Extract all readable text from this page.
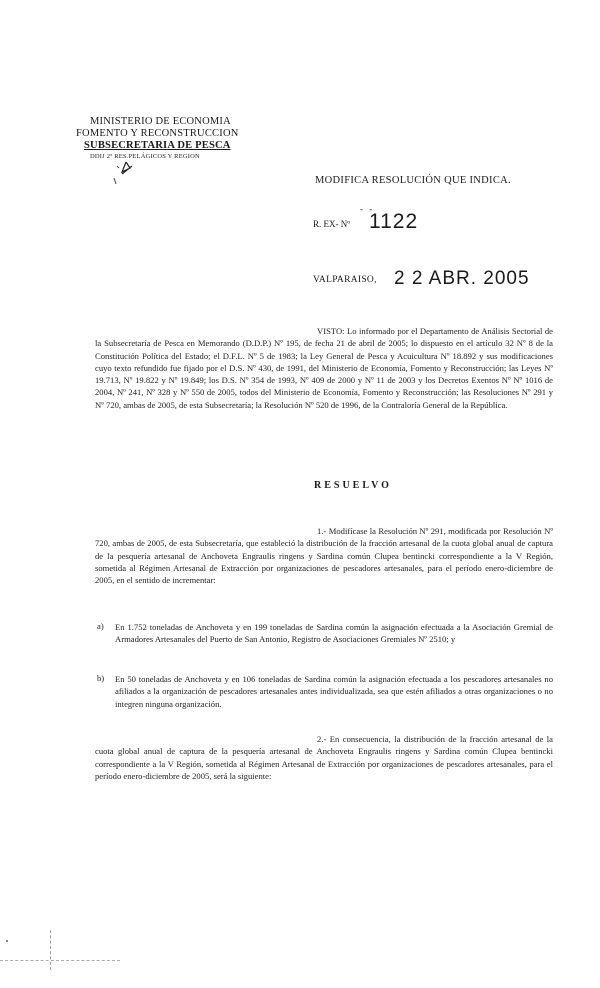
MINISTERIO DE ECONOMIA
FOMENTO Y RECONSTRUCCION
SUBSECRETARIA DE PESCA
DDIJ 2º RES.PELÁGICOS Y REGION
MODIFICA RESOLUCIÓN QUE INDICA.
R. EX- Nº 1122
- -
VALPARAISO, 2 2 ABR. 2005
VISTO: Lo informado por el Departamento de Análisis Sectorial de la Subsecretaría de Pesca en Memorando (D.D.P.) Nº 195, de fecha 21 de abril de 2005; lo dispuesto en el artículo 32 Nº 8 de la Constitución Política del Estado; el D.F.L. Nº 5 de 1983; la Ley General de Pesca y Acuicultura Nº 18.892 y sus modificaciones cuyo texto refundido fue fijado por el D.S. Nº 430, de 1991, del Ministerio de Economía, Fomento y Reconstrucción; las Leyes Nº 19.713, Nº 19.822 y Nº 19.849; los D.S. Nº 354 de 1993, Nº 409 de 2000 y Nº 11 de 2003 y los Decretos Exentos Nº Nº 1016 de 2004, Nº 241, Nº 328 y Nº 550 de 2005, todos del Ministerio de Economía, Fomento y Reconstrucción; las Resoluciones Nº 291 y Nº 720, ambas de 2005, de esta Subsecretaría; la Resolución Nº 520 de 1996, de la Contraloría General de la República.
RESUELVO
1.- Modifícase la Resolución Nº 291, modificada por Resolución Nº 720, ambas de 2005, de esta Subsecretaría, que estableció la distribución de la fracción artesanal de la cuota global anual de captura de la pesquería artesanal de Anchoveta Engraulis ringens y Sardina común Clupea bentincki correspondiente a la V Región, sometida al Régimen Artesanal de Extracción por organizaciones de pescadores artesanales, para el período enero-diciembre de 2005, en el sentido de incrementar:
a) En 1.752 toneladas de Anchoveta y en 199 toneladas de Sardina común la asignación efectuada a la Asociación Gremial de Armadores Artesanales del Puerto de San Antonio, Registro de Asociaciones Gremiales Nº 2510; y
b) En 50 toneladas de Anchoveta y en 106 toneladas de Sardina común la asignación efectuada a los pescadores artesanales no afiliados a la organización de pescadores artesanales antes individualizada, sea que estén afiliados a otras organizaciones o no integren ninguna organización.
2.- En consecuencia, la distribución de la fracción artesanal de la cuota global anual de captura de la pesquería artesanal de Anchoveta Engraulis ringens y Sardina común Clupea bentincki correspondiente a la V Región, sometida al Régimen Artesanal de Extracción por organizaciones de pescadores artesanales, para el período enero-diciembre de 2005, será la siguiente:
